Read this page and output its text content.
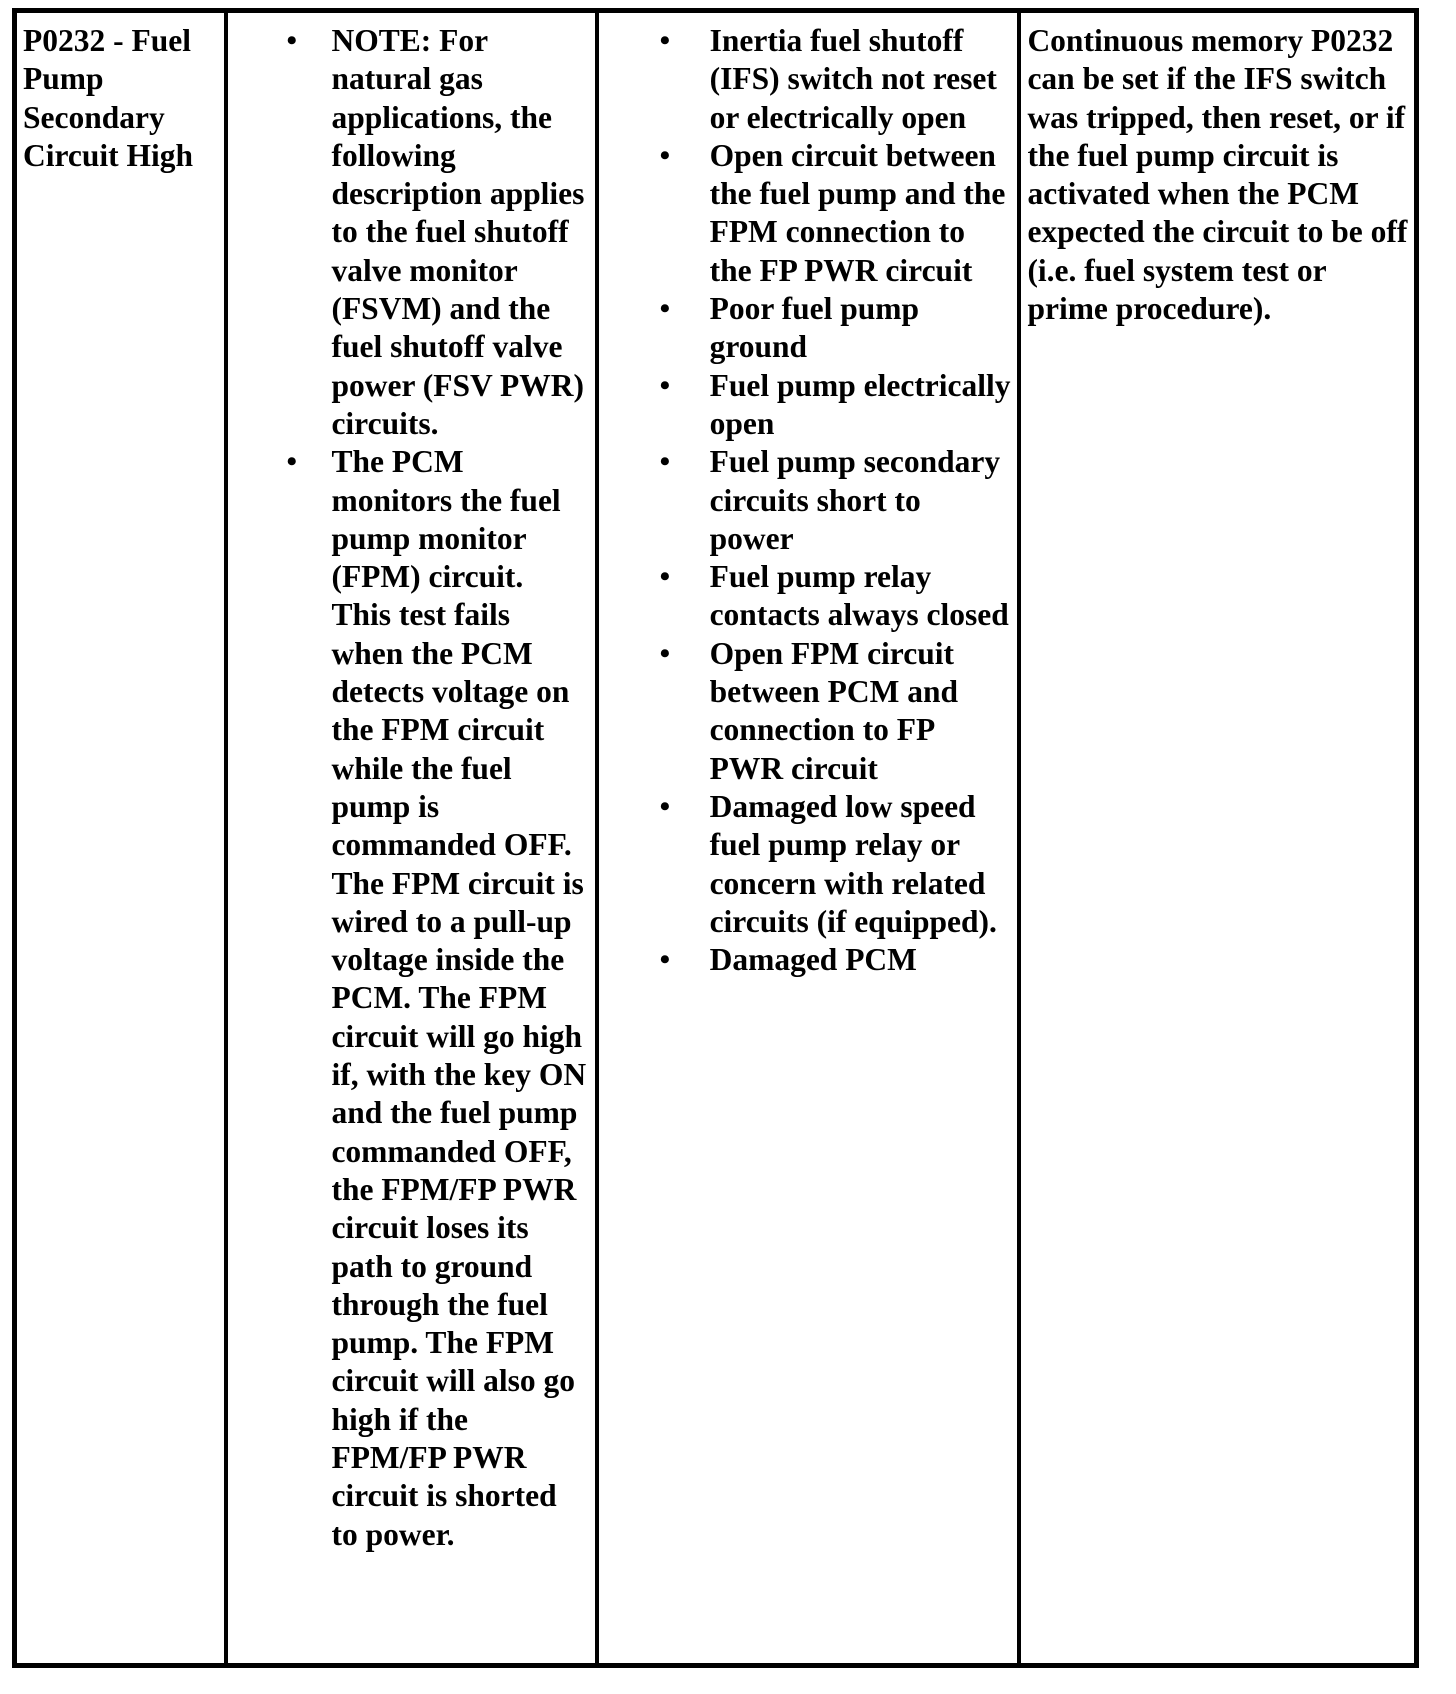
P0232 - Fuel Pump Secondary Circuit High

• NOTE: For natural gas applications, the following description applies to the fuel shutoff valve monitor (FSVM) and the fuel shutoff valve power (FSV PWR) circuits.
• The PCM monitors the fuel pump monitor (FPM) circuit. This test fails when the PCM detects voltage on the FPM circuit while the fuel pump is commanded OFF. The FPM circuit is wired to a pull-up voltage inside the PCM. The FPM circuit will go high if, with the key ON and the fuel pump commanded OFF, the FPM/FP PWR circuit loses its path to ground through the fuel pump. The FPM circuit will also go high if the FPM/FP PWR circuit is shorted to power.

• Inertia fuel shutoff (IFS) switch not reset or electrically open
• Open circuit between the fuel pump and the FPM connection to the FP PWR circuit
• Poor fuel pump ground
• Fuel pump electrically open
• Fuel pump secondary circuits short to power
• Fuel pump relay contacts always closed
• Open FPM circuit between PCM and connection to FP PWR circuit
• Damaged low speed fuel pump relay or concern with related circuits (if equipped).
• Damaged PCM

Continuous memory P0232 can be set if the IFS switch was tripped, then reset, or if the fuel pump circuit is activated when the PCM expected the circuit to be off (i.e. fuel system test or prime procedure).
